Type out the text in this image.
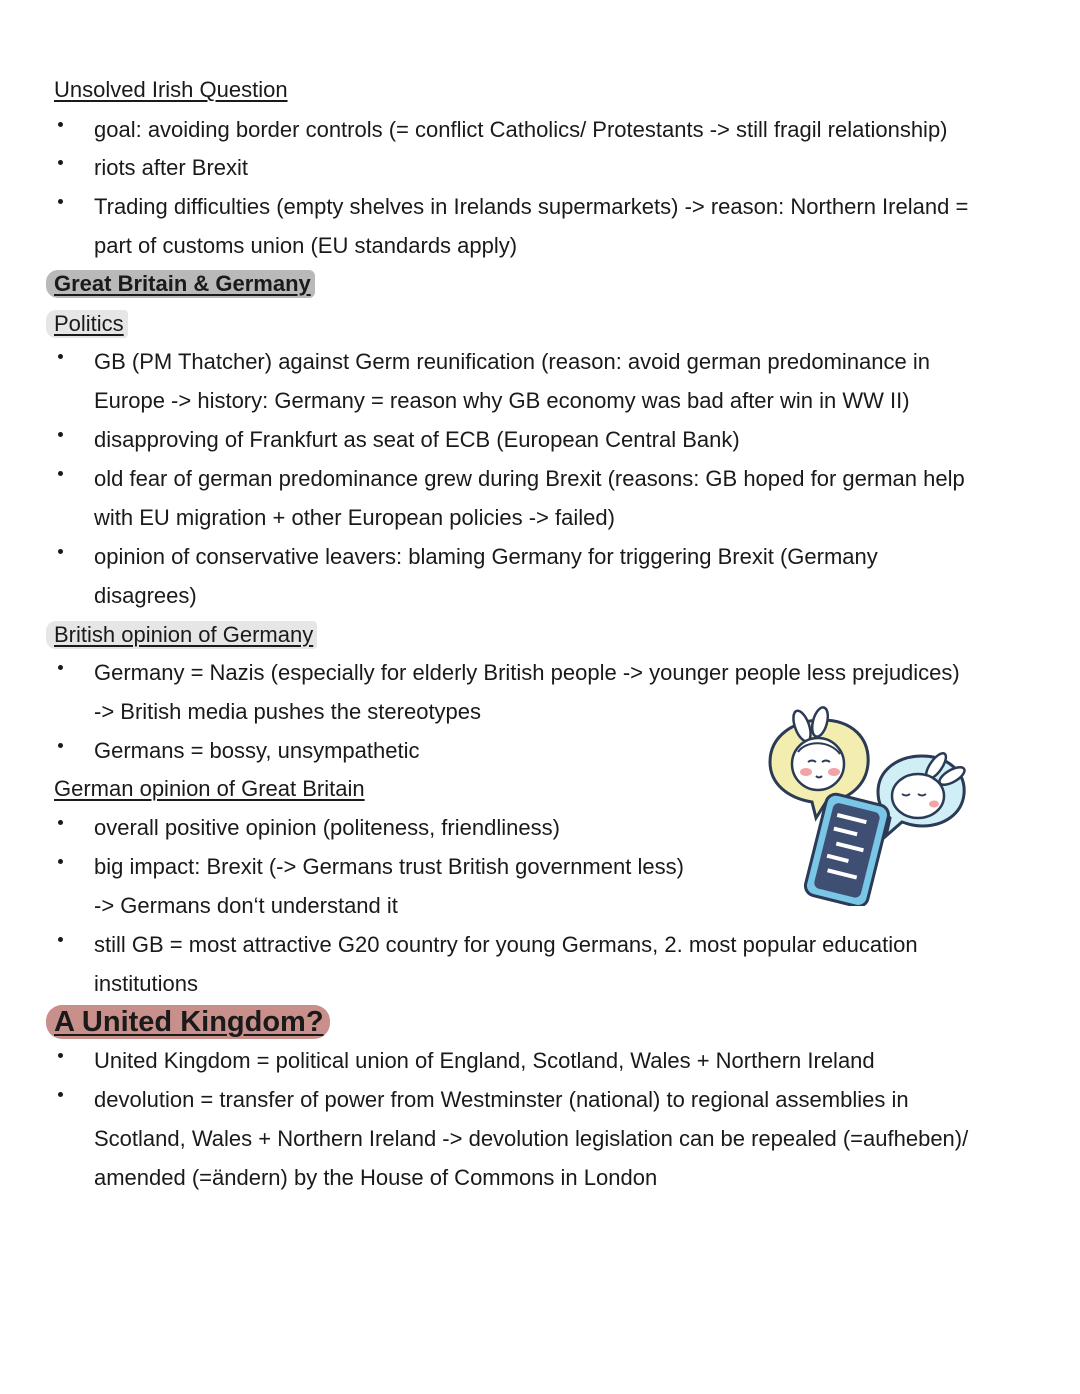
Unsolved Irish Question
goal: avoiding border controls (= conflict Catholics/ Protestants -> still fragil relationship)
riots after Brexit
Trading difficulties (empty shelves in Irelands supermarkets) -> reason: Northern Ireland =
part of customs union (EU standards apply)
Great Britain & Germany
Politics
GB (PM Thatcher) against Germ reunification (reason: avoid german predominance in
Europe -> history: Germany = reason why GB economy was bad after win in WW II)
disapproving of Frankfurt as seat of ECB (European Central Bank)
old fear of german predominance grew during Brexit (reasons: GB hoped for german help
with EU migration + other European policies -> failed)
opinion of conservative leavers: blaming Germany for triggering Brexit (Germany
disagrees)
British opinion of Germany
Germany = Nazis (especially for elderly British people -> younger people less prejudices)
-> British media pushes the stereotypes
Germans = bossy, unsympathetic
German opinion of Great Britain
overall positive opinion (politeness, friendliness)
big impact: Brexit (-> Germans trust British government less)
-> Germans don‘t understand it
still GB = most attractive G20 country for young Germans, 2. most popular education
institutions
A United Kingdom?
United Kingdom = political union of England, Scotland, Wales + Northern Ireland
devolution = transfer of power from Westminster (national) to regional assemblies in
Scotland, Wales + Northern Ireland -> devolution legislation can be repealed (=aufheben)/
amended (=ändern) by the House of Commons in London
